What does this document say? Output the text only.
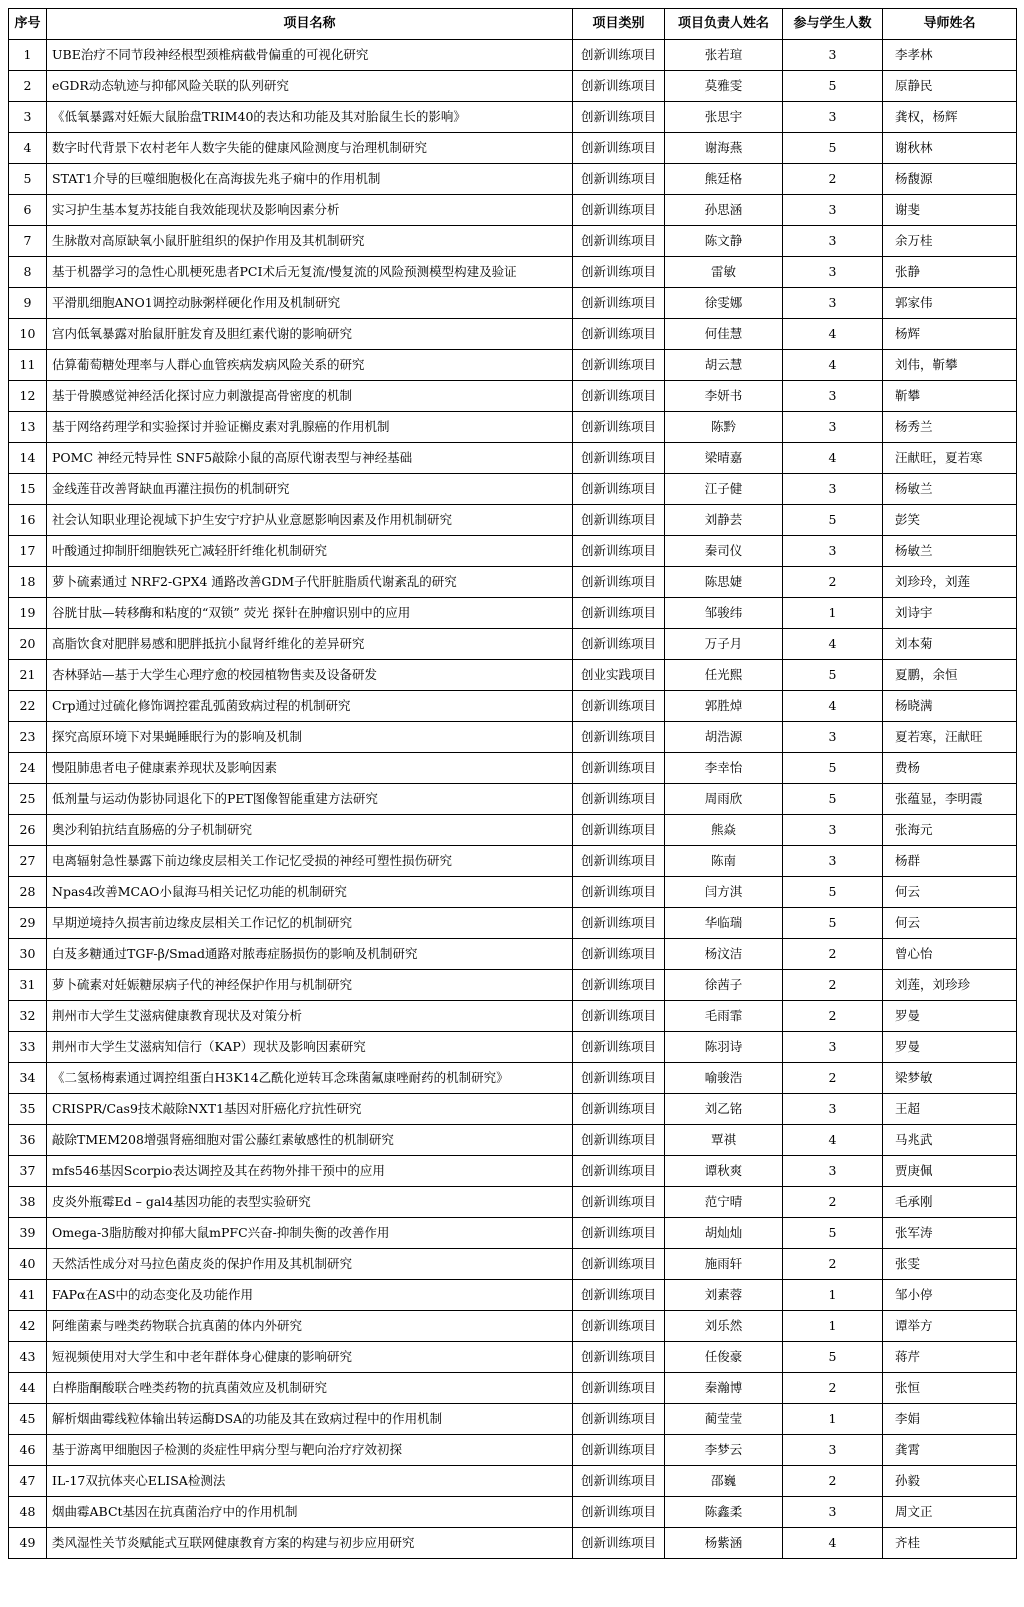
序号	项目名称	项目类别	项目负责人姓名	参与学生人数	导师姓名
1	UBE治疗不同节段神经根型颈椎病截骨偏重的可视化研究	创新训练项目	张若瑄	3	李孝林
2	eGDR动态轨迹与抑郁风险关联的队列研究	创新训练项目	莫雅雯	5	原静民
3	《低氧暴露对妊娠大鼠胎盘TRIM40的表达和功能及其对胎鼠生长的影响》	创新训练项目	张思宇	3	龚权，杨辉
4	数字时代背景下农村老年人数字失能的健康风险测度与治理机制研究	创新训练项目	谢海燕	5	谢秋林
5	STAT1介导的巨噬细胞极化在高海拔先兆子痫中的作用机制	创新训练项目	熊廷格	2	杨馥源
6	实习护生基本复苏技能自我效能现状及影响因素分析	创新训练项目	孙思涵	3	谢斐
7	生脉散对高原缺氧小鼠肝脏组织的保护作用及其机制研究	创新训练项目	陈文静	3	余万桂
8	基于机器学习的急性心肌梗死患者PCI术后无复流/慢复流的风险预测模型构建及验证	创新训练项目	雷敏	3	张静
9	平滑肌细胞ANO1调控动脉粥样硬化作用及机制研究	创新训练项目	徐雯娜	3	郭家伟
10	宫内低氧暴露对胎鼠肝脏发育及胆红素代谢的影响研究	创新训练项目	何佳慧	4	杨辉
11	估算葡萄糖处理率与人群心血管疾病发病风险关系的研究	创新训练项目	胡云慧	4	刘伟，靳攀
12	基于骨膜感觉神经活化探讨应力刺激提高骨密度的机制	创新训练项目	李妍书	3	靳攀
13	基于网络药理学和实验探讨并验证槲皮素对乳腺癌的作用机制	创新训练项目	陈黔	3	杨秀兰
14	POMC 神经元特异性 SNF5敲除小鼠的高原代谢表型与神经基础	创新训练项目	梁晴嘉	4	汪献旺，夏若寒
15	金线莲苷改善肾缺血再灌注损伤的机制研究	创新训练项目	江子健	3	杨敏兰
16	社会认知职业理论视域下护生安宁疗护从业意愿影响因素及作用机制研究	创新训练项目	刘静芸	5	彭笑
17	叶酸通过抑制肝细胞铁死亡减轻肝纤维化机制研究	创新训练项目	秦司仪	3	杨敏兰
18	萝卜硫素通过 NRF2-GPX4 通路改善GDM子代肝脏脂质代谢紊乱的研究	创新训练项目	陈思婕	2	刘珍玲，刘莲
19	谷胱甘肽—转移酶和粘度的“双锁” 荧光 探针在肿瘤识别中的应用	创新训练项目	邹骏纬	1	刘诗宇
20	高脂饮食对肥胖易感和肥胖抵抗小鼠肾纤维化的差异研究	创新训练项目	万子月	4	刘本菊
21	杏林驿站—基于大学生心理疗愈的校园植物售卖及设备研发	创业实践项目	任光熙	5	夏鹏，余恒
22	Crp通过过硫化修饰调控霍乱弧菌致病过程的机制研究	创新训练项目	郭胜焯	4	杨晓满
23	探究高原环境下对果蝇睡眠行为的影响及机制	创新训练项目	胡浩源	3	夏若寒，汪献旺
24	慢阻肺患者电子健康素养现状及影响因素	创新训练项目	李幸怡	5	费杨
25	低剂量与运动伪影协同退化下的PET图像智能重建方法研究	创新训练项目	周雨欣	5	张蕴显，李明霞
26	奥沙利铂抗结直肠癌的分子机制研究	创新训练项目	熊焱	3	张海元
27	电离辐射急性暴露下前边缘皮层相关工作记忆受损的神经可塑性损伤研究	创新训练项目	陈南	3	杨群
28	Npas4改善MCAO小鼠海马相关记忆功能的机制研究	创新训练项目	闫方淇	5	何云
29	早期逆境持久损害前边缘皮层相关工作记忆的机制研究	创新训练项目	华临瑞	5	何云
30	白芨多糖通过TGF-β/Smad通路对脓毒症肠损伤的影响及机制研究	创新训练项目	杨汶洁	2	曾心怡
31	萝卜硫素对妊娠糖尿病子代的神经保护作用与机制研究	创新训练项目	徐茜子	2	刘莲，刘珍珍
32	荆州市大学生艾滋病健康教育现状及对策分析	创新训练项目	毛雨霏	2	罗曼
33	荆州市大学生艾滋病知信行（KAP）现状及影响因素研究	创新训练项目	陈羽诗	3	罗曼
34	《二氢杨梅素通过调控组蛋白H3K14乙酰化逆转耳念珠菌氟康唑耐药的机制研究》	创新训练项目	喻骏浩	2	梁梦敏
35	CRISPR/Cas9技术敲除NXT1基因对肝癌化疗抗性研究	创新训练项目	刘乙铭	3	王超
36	敲除TMEM208增强肾癌细胞对雷公藤红素敏感性的机制研究	创新训练项目	覃祺	4	马兆武
37	mfs546基因Scorpio表达调控及其在药物外排干预中的应用	创新训练项目	谭秋爽	3	贾庚佩
38	皮炎外瓶霉Ed – gal4基因功能的表型实验研究	创新训练项目	范宁晴	2	毛承刚
39	Omega-3脂肪酸对抑郁大鼠mPFC兴奋-抑制失衡的改善作用	创新训练项目	胡灿灿	5	张军涛
40	天然活性成分对马拉色菌皮炎的保护作用及其机制研究	创新训练项目	施雨轩	2	张雯
41	FAPα在AS中的动态变化及功能作用	创新训练项目	刘素蓉	1	邹小停
42	阿维菌素与唑类药物联合抗真菌的体内外研究	创新训练项目	刘乐然	1	谭举方
43	短视频使用对大学生和中老年群体身心健康的影响研究	创新训练项目	任俊豪	5	蒋芹
44	白桦脂酮酸联合唑类药物的抗真菌效应及机制研究	创新训练项目	秦瀚博	2	张恒
45	解析烟曲霉线粒体输出转运酶DSA的功能及其在致病过程中的作用机制	创新训练项目	蔺莹莹	1	李娟
46	基于游离甲细胞因子检测的炎症性甲病分型与靶向治疗疗效初探	创新训练项目	李梦云	3	龚霄
47	IL-17双抗体夹心ELISA检测法	创新训练项目	邵巍	2	孙毅
48	烟曲霉ABCt基因在抗真菌治疗中的作用机制	创新训练项目	陈鑫柔	3	周文正
49	类风湿性关节炎赋能式互联网健康教育方案的构建与初步应用研究	创新训练项目	杨紫涵	4	齐桂
